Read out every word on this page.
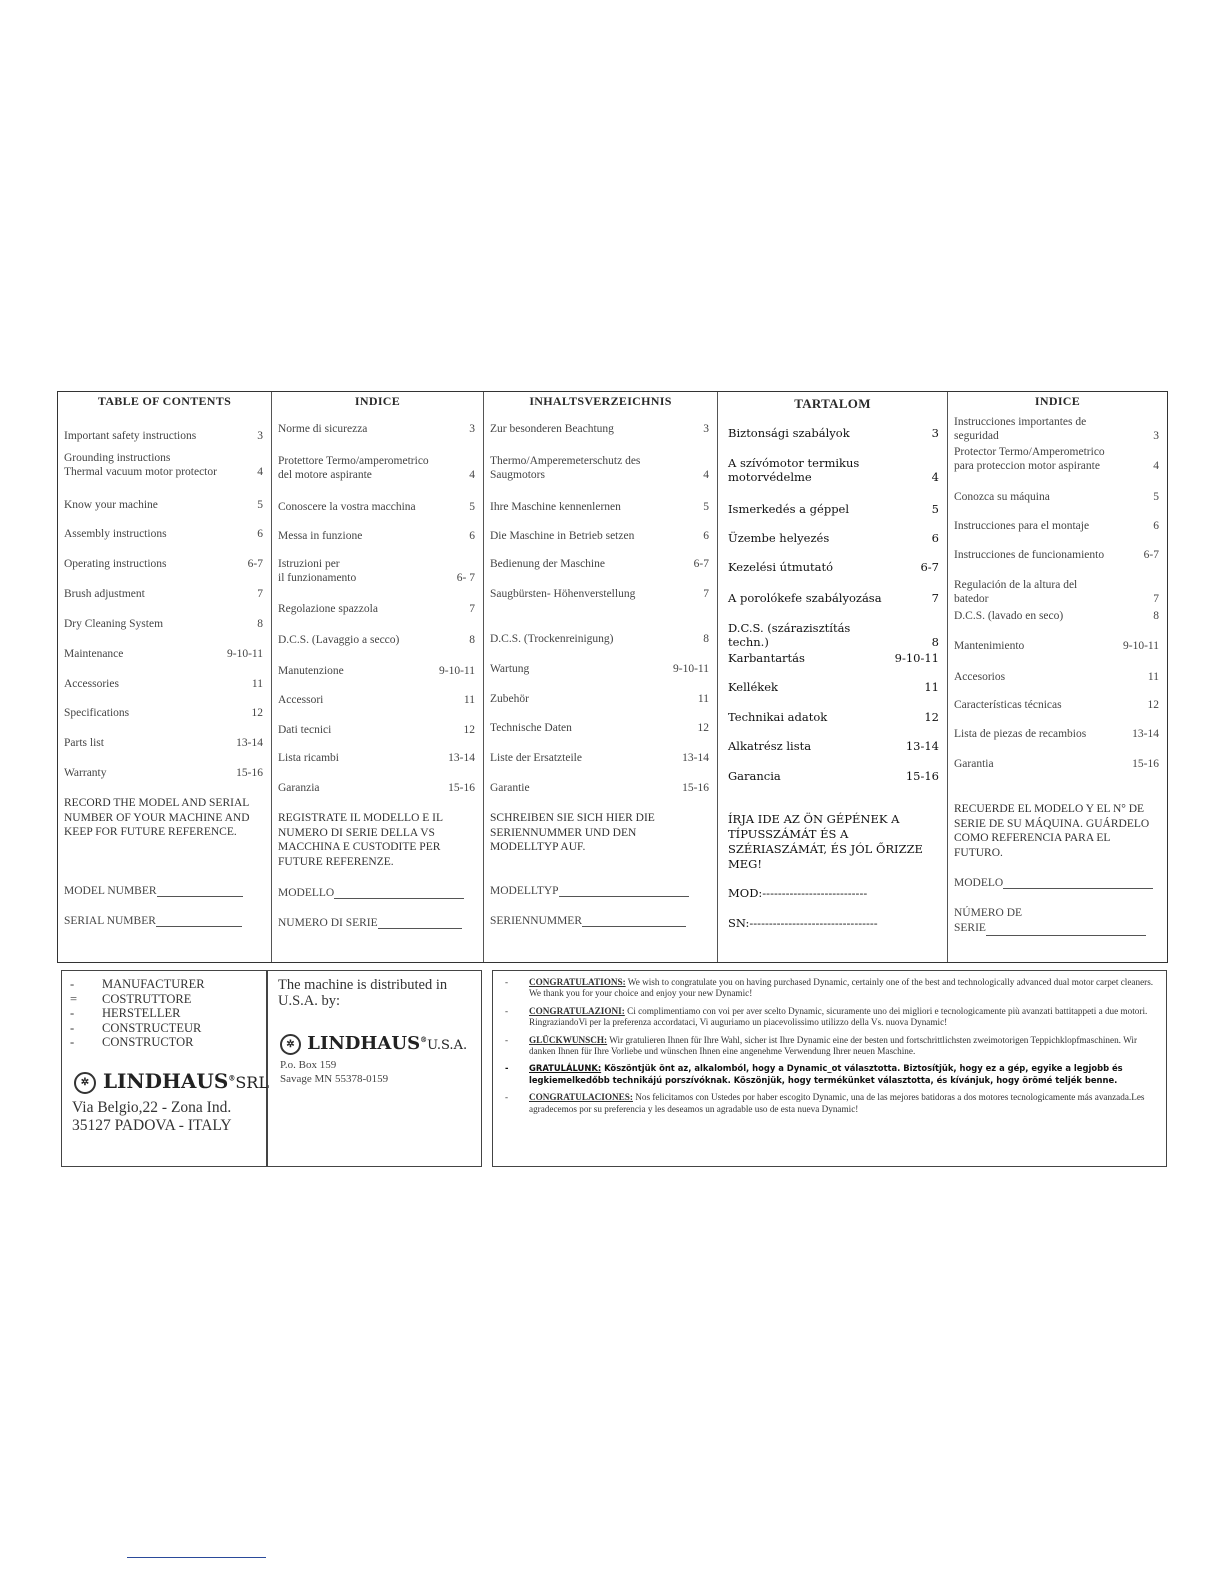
TABLE OF CONTENTS
RECORD THE MODEL AND SERIAL NUMBER OF YOUR MACHINE AND KEEP FOR FUTURE REFERENCE.
MODEL NUMBER
SERIAL NUMBER
Important safety instructions	3
Grounding instructions
Thermal vacuum motor protector	4
Know your machine	5
Assembly instructions	6
Operating instructions	6-7
Brush adjustment	7
Dry Cleaning System	8
Maintenance	9-10-11
Accessories	11
Specifications	12
Parts list	13-14
Warranty	15-16
INDICE
REGISTRATE IL MODELLO E IL NUMERO DI SERIE DELLA VS MACCHINA E CUSTODITE PER FUTURE REFERENZE.
MODELLO
NUMERO DI SERIE
Norme di sicurezza	3
Protettore Termo/amperometrico del motore aspirante	4
Conoscere la vostra macchina	5
Messa in funzione	6
Istruzioni per
il funzionamento	6- 7
Regolazione spazzola	7
D.C.S. (Lavaggio a secco)	8
Manutenzione	9-10-11
Accessori	11
Dati tecnici	12
Lista ricambi	13-14
Garanzia	15-16
INHALTSVERZEICHNIS
SCHREIBEN SIE SICH HIER DIE SERIENNUMMER UND DEN MODELLTYP AUF.
MODELLTYP
SERIENNUMMER
Zur besonderen Beachtung	3
Thermo/Amperemeterschutz des Saugmotors	4
Ihre Maschine kennenlernen	5
Die Maschine in Betrieb setzen	6
Bedienung der Maschine	6-7
Saugbürsten- Höhenverstellung	7
D.C.S. (Trockenreinigung)	8
Wartung	9-10-11
Zubehör	11
Technische Daten	12
Liste der Ersatzteile	13-14
Garantie	15-16
TARTALOM
ÍRJA IDE AZ ÖN GÉPÉNEK A TÍPUSSZÁMÁT ÉS A SZÉRIASZÁMÁT, ÉS JÓL ŐRIZZE MEG!
MOD:---------------------------
SN:---------------------------------
Biztonsági szabályok	3
A szívómotor termikus motorvédelme	4
Ismerkedés a géppel	5
Üzembe helyezés	6
Kezelési útmutató	6-7
A porolókefe szabályozása	7
D.C.S. (szárazisztítás techn.)	8
Karbantartás	9-10-11
Kellékek	11
Technikai adatok	12
Alkatrész lista	13-14
Garancia	15-16
INDICE
RECUERDE EL MODELO Y EL N° DE SERIE DE SU MÁQUINA. GUÁRDELO COMO REFERENCIA PARA EL FUTURO.
MODELO
NÚMERO DE
SERIE
Instrucciones importantes de seguridad	3
Protector Termo/Amperometrico para proteccion motor aspirante	4
Conozca su máquina	5
Instrucciones para el montaje	6
Instrucciones de funcionamiento	6-7
Regulación de la altura del batedor	7
D.C.S. (lavado en seco)	8
Mantenimiento	9-10-11
Accesorios	11
Características técnicas	12
Lista de piezas de recambios	13-14
Garantia	15-16
- MANUFACTURER
= COSTRUTTORE
- HERSTELLER
- CONSTRUCTEUR
- CONSTRUCTOR
✲ LINDHAUS®SRL
Via Belgio,22 - Zona Ind.
35127 PADOVA - ITALY
The machine is distributed in U.S.A. by:
✲ LINDHAUS®U.S.A.
P.o. Box 159
Savage MN 55378-0159
- CONGRATULATIONS: We wish to congratulate you on having purchased Dynamic, certainly one of the best and technologically advanced dual motor carpet cleaners. We thank you for your choice and enjoy your new Dynamic!
- CONGRATULAZIONI: Ci complimentiamo con voi per aver scelto Dynamic, sicuramente uno dei migliori e tecnologicamente più avanzati battitappeti a due motori. RingraziandoVi per la preferenza accordataci, Vi auguriamo un piacevolissimo utilizzo della Vs. nuova Dynamic!
- GLÜCKWUNSCH: Wir gratulieren Ihnen für Ihre Wahl, sicher ist Ihre Dynamic eine der besten und fortschrittlichsten zweimotorigen Teppichklopfmaschinen. Wir danken Ihnen für Ihre Vorliebe und wünschen Ihnen eine angenehme Verwendung Ihrer neuen Maschine.
- GRATULÁLUNK: Köszöntjük önt az, alkalomból, hogy a Dynamic_ot választotta. Biztosítjük, hogy ez a gép, egyike a legjobb és legkiemelkedőbb technikájú porszívóknak. Köszönjük, hogy termékünket választotta, és kívánjuk, hogy örömé teljék benne.
- CONGRATULACIONES: Nos felicitamos con Ustedes por haber escogito Dynamic, una de las mejores batidoras a dos motores tecnologicamente más avanzada.Les agradecemos por su preferencia y les deseamos un agradable uso de esta nueva Dynamic!
